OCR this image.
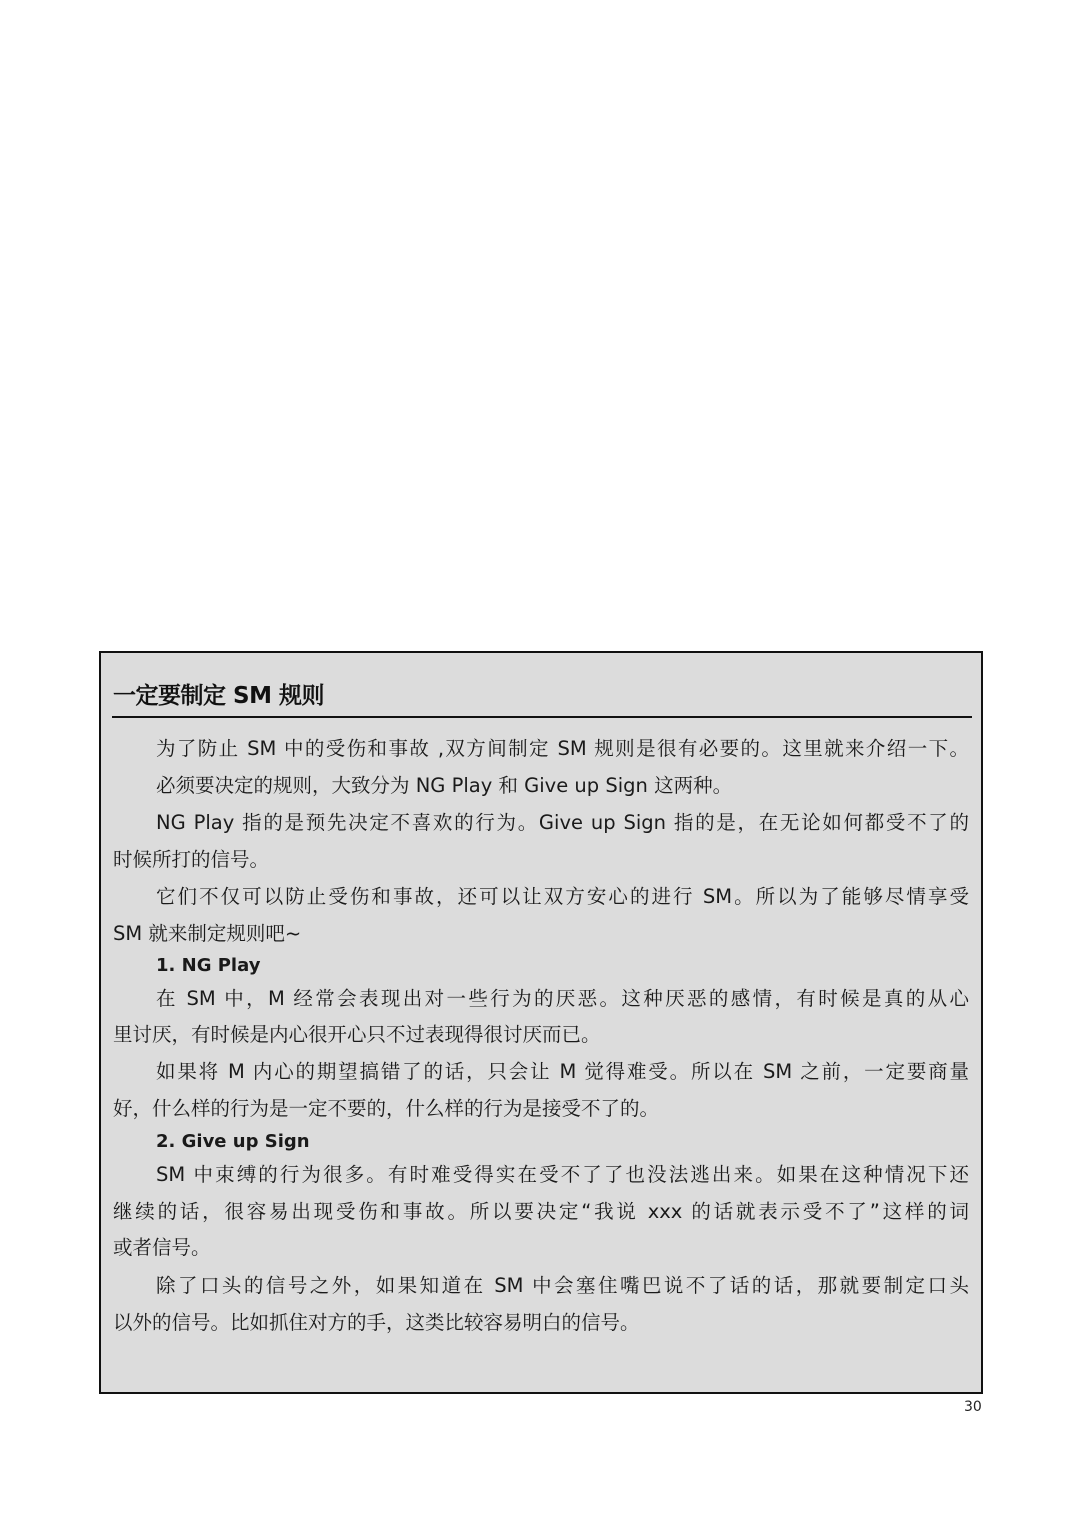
一定要制定 SM 规则
为了防止 SM 中的受伤和事故 ,双方间制定 SM 规则是很有必要的。这里就来介绍一下。
必须要决定的规则，大致分为 NG Play 和 Give up Sign 这两种。
NG Play 指的是预先决定不喜欢的行为。Give up Sign 指的是，在无论如何都受不了的
时候所打的信号。
它们不仅可以防止受伤和事故，还可以让双方安心的进行 SM。所以为了能够尽情享受
SM 就来制定规则吧~
1. NG Play
在 SM 中，M 经常会表现出对一些行为的厌恶。这种厌恶的感情，有时候是真的从心
里讨厌，有时候是内心很开心只不过表现得很讨厌而已。
如果将 M 内心的期望搞错了的话，只会让 M 觉得难受。所以在 SM 之前，一定要商量
好，什么样的行为是一定不要的，什么样的行为是接受不了的。
2. Give up Sign
SM 中束缚的行为很多。有时难受得实在受不了了也没法逃出来。如果在这种情况下还
继续的话，很容易出现受伤和事故。所以要决定“我说 xxx 的话就表示受不了”这样的词
或者信号。
除了口头的信号之外，如果知道在 SM 中会塞住嘴巴说不了话的话，那就要制定口头
以外的信号。比如抓住对方的手，这类比较容易明白的信号。
30
